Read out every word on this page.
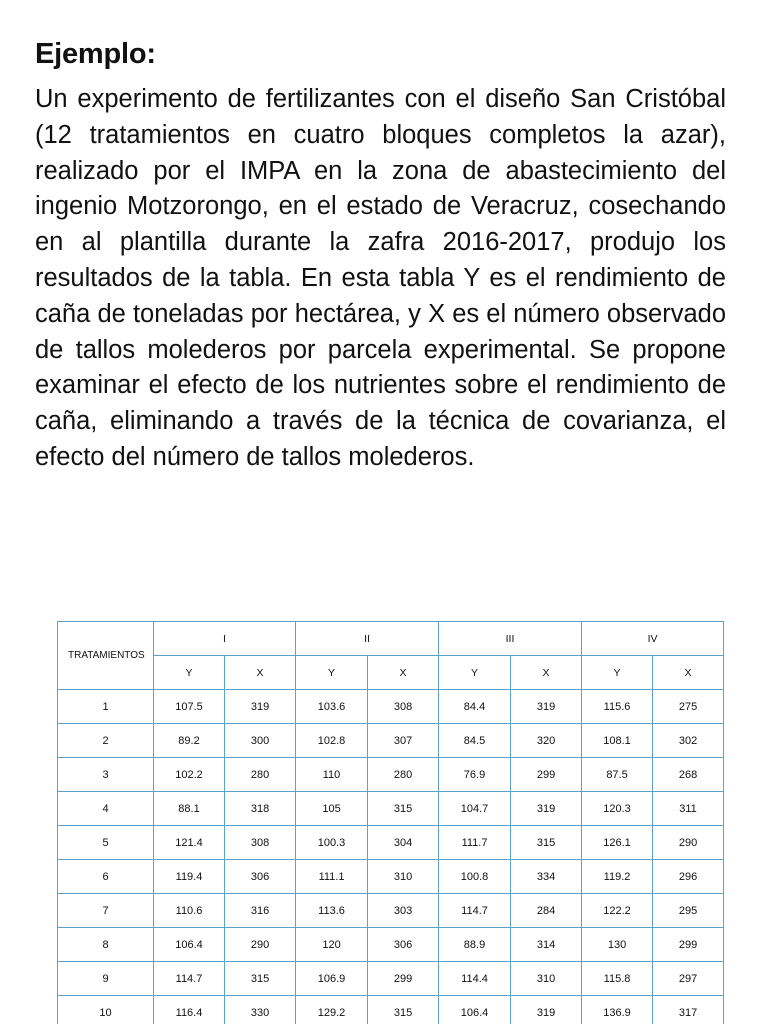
Ejemplo:

Un experimento de fertilizantes con el diseño San Cristóbal (12 tratamientos en cuatro bloques completos la azar), realizado por el IMPA en la zona de abastecimiento del ingenio Motzorongo, en el estado de Veracruz, cosechando en al plantilla durante la zafra 2016-2017, produjo los resultados de la tabla. En esta tabla Y es el rendimiento de caña de toneladas por hectárea, y X es el número observado de tallos molederos por parcela experimental. Se propone examinar el efecto de los nutrientes sobre el rendimiento de caña, eliminando a través de la técnica de covarianza, el efecto del número de tallos molederos.

TRATAMIENTOS	I		II		III		IV	
	Y	X	Y	X	Y	X	Y	X
1	107.5	319	103.6	308	84.4	319	115.6	275
2	89.2	300	102.8	307	84.5	320	108.1	302
3	102.2	280	110	280	76.9	299	87.5	268
4	88.1	318	105	315	104.7	319	120.3	311
5	121.4	308	100.3	304	111.7	315	126.1	290
6	119.4	306	111.1	310	100.8	334	119.2	296
7	110.6	316	113.6	303	114.7	284	122.2	295
8	106.4	290	120	306	88.9	314	130	299
9	114.7	315	106.9	299	114.4	310	115.8	297
10	116.4	330	129.2	315	106.4	319	136.9	317
